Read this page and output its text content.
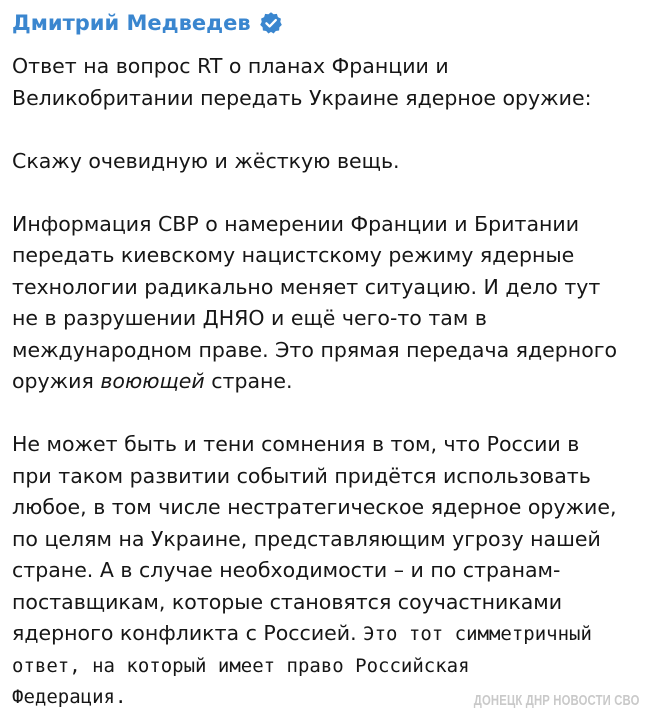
Дмитрий Медведев

Ответ на вопрос RT о планах Франции и
Великобритании передать Украине ядерное оружие:

Скажу очевидную и жёсткую вещь.

Информация СВР о намерении Франции и Британии
передать киевскому нацистскому режиму ядерные
технологии радикально меняет ситуацию. И дело тут
не в разрушении ДНЯО и ещё чего-то там в
международном праве. Это прямая передача ядерного
оружия воюющей стране.

Не может быть и тени сомнения в том, что России в
при таком развитии событий придётся использовать
любое, в том числе нестратегическое ядерное оружие,
по целям на Украине, представляющим угрозу нашей
стране. А в случае необходимости – и по странам-
поставщикам, которые становятся соучастниками
ядерного конфликта с Россией. Это тот симметричный
ответ, на который имеет право Российская
Федерация.	ДОНЕЦК ДНР НОВОСТИ СВО
